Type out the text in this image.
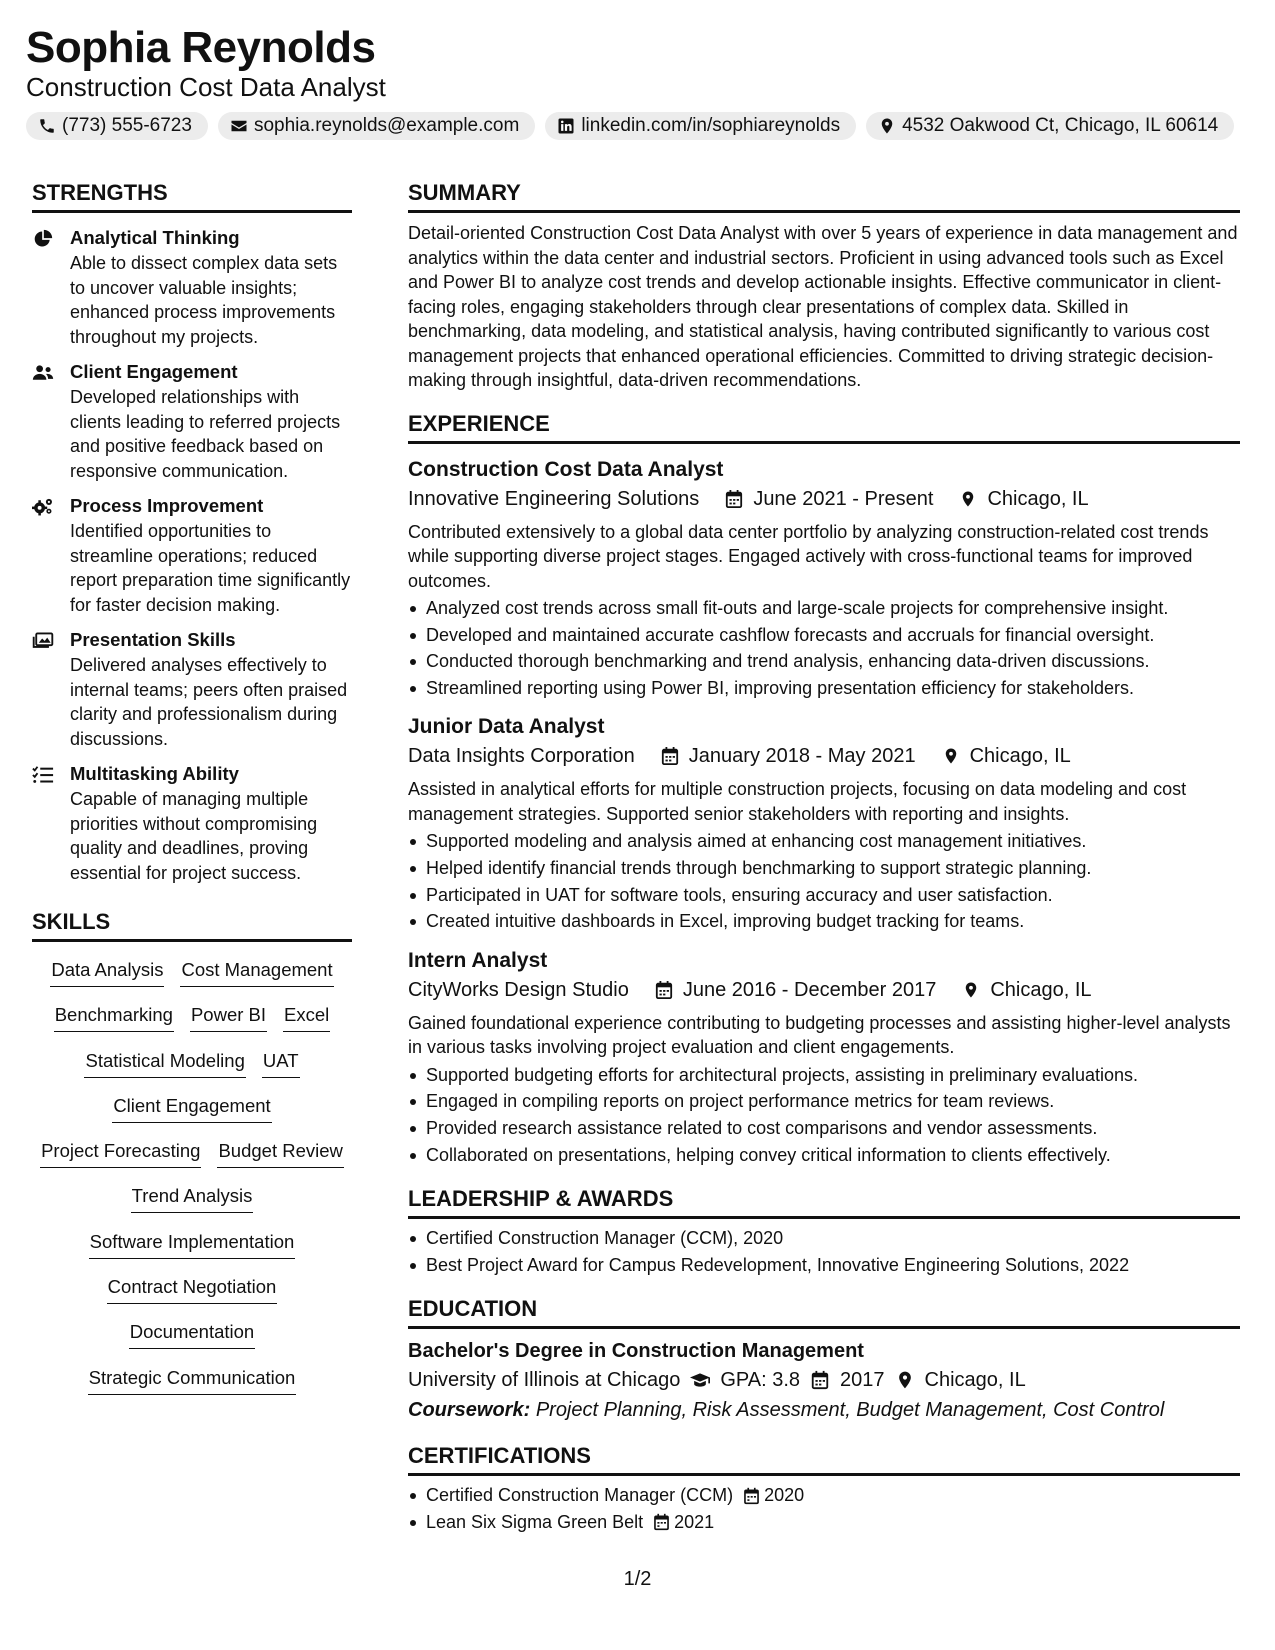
Sophia Reynolds
Construction Cost Data Analyst
(773) 555-6723	sophia.reynolds@example.com	linkedin.com/in/sophiareynolds	4532 Oakwood Ct, Chicago, IL 60614
STRENGTHS
Analytical Thinking
Able to dissect complex data sets to uncover valuable insights; enhanced process improvements throughout my projects.
Client Engagement
Developed relationships with clients leading to referred projects and positive feedback based on responsive communication.
Process Improvement
Identified opportunities to streamline operations; reduced report preparation time significantly for faster decision making.
Presentation Skills
Delivered analyses effectively to internal teams; peers often praised clarity and professionalism during discussions.
Multitasking Ability
Capable of managing multiple priorities without compromising quality and deadlines, proving essential for project success.
SKILLS
Data Analysis Cost Management
Benchmarking Power BI Excel
Statistical Modeling UAT
Client Engagement
Project Forecasting Budget Review
Trend Analysis
Software Implementation
Contract Negotiation
Documentation
Strategic Communication
SUMMARY
Detail-oriented Construction Cost Data Analyst with over 5 years of experience in data management and analytics within the data center and industrial sectors. Proficient in using advanced tools such as Excel and Power BI to analyze cost trends and develop actionable insights. Effective communicator in client-facing roles, engaging stakeholders through clear presentations of complex data. Skilled in benchmarking, data modeling, and statistical analysis, having contributed significantly to various cost management projects that enhanced operational efficiencies. Committed to driving strategic decision-making through insightful, data-driven recommendations.
EXPERIENCE
Construction Cost Data Analyst
Innovative Engineering Solutions	June 2021 - Present	Chicago, IL
Contributed extensively to a global data center portfolio by analyzing construction-related cost trends while supporting diverse project stages. Engaged actively with cross-functional teams for improved outcomes.
Analyzed cost trends across small fit-outs and large-scale projects for comprehensive insight.
Developed and maintained accurate cashflow forecasts and accruals for financial oversight.
Conducted thorough benchmarking and trend analysis, enhancing data-driven discussions.
Streamlined reporting using Power BI, improving presentation efficiency for stakeholders.
Junior Data Analyst
Data Insights Corporation	January 2018 - May 2021	Chicago, IL
Assisted in analytical efforts for multiple construction projects, focusing on data modeling and cost management strategies. Supported senior stakeholders with reporting and insights.
Supported modeling and analysis aimed at enhancing cost management initiatives.
Helped identify financial trends through benchmarking to support strategic planning.
Participated in UAT for software tools, ensuring accuracy and user satisfaction.
Created intuitive dashboards in Excel, improving budget tracking for teams.
Intern Analyst
CityWorks Design Studio	June 2016 - December 2017	Chicago, IL
Gained foundational experience contributing to budgeting processes and assisting higher-level analysts in various tasks involving project evaluation and client engagements.
Supported budgeting efforts for architectural projects, assisting in preliminary evaluations.
Engaged in compiling reports on project performance metrics for team reviews.
Provided research assistance related to cost comparisons and vendor assessments.
Collaborated on presentations, helping convey critical information to clients effectively.
LEADERSHIP & AWARDS
Certified Construction Manager (CCM), 2020
Best Project Award for Campus Redevelopment, Innovative Engineering Solutions, 2022
EDUCATION
Bachelor's Degree in Construction Management
University of Illinois at Chicago GPA: 3.8 2017 Chicago, IL
Coursework: Project Planning, Risk Assessment, Budget Management, Cost Control
CERTIFICATIONS
Certified Construction Manager (CCM) 2020
Lean Six Sigma Green Belt 2021
1/2
